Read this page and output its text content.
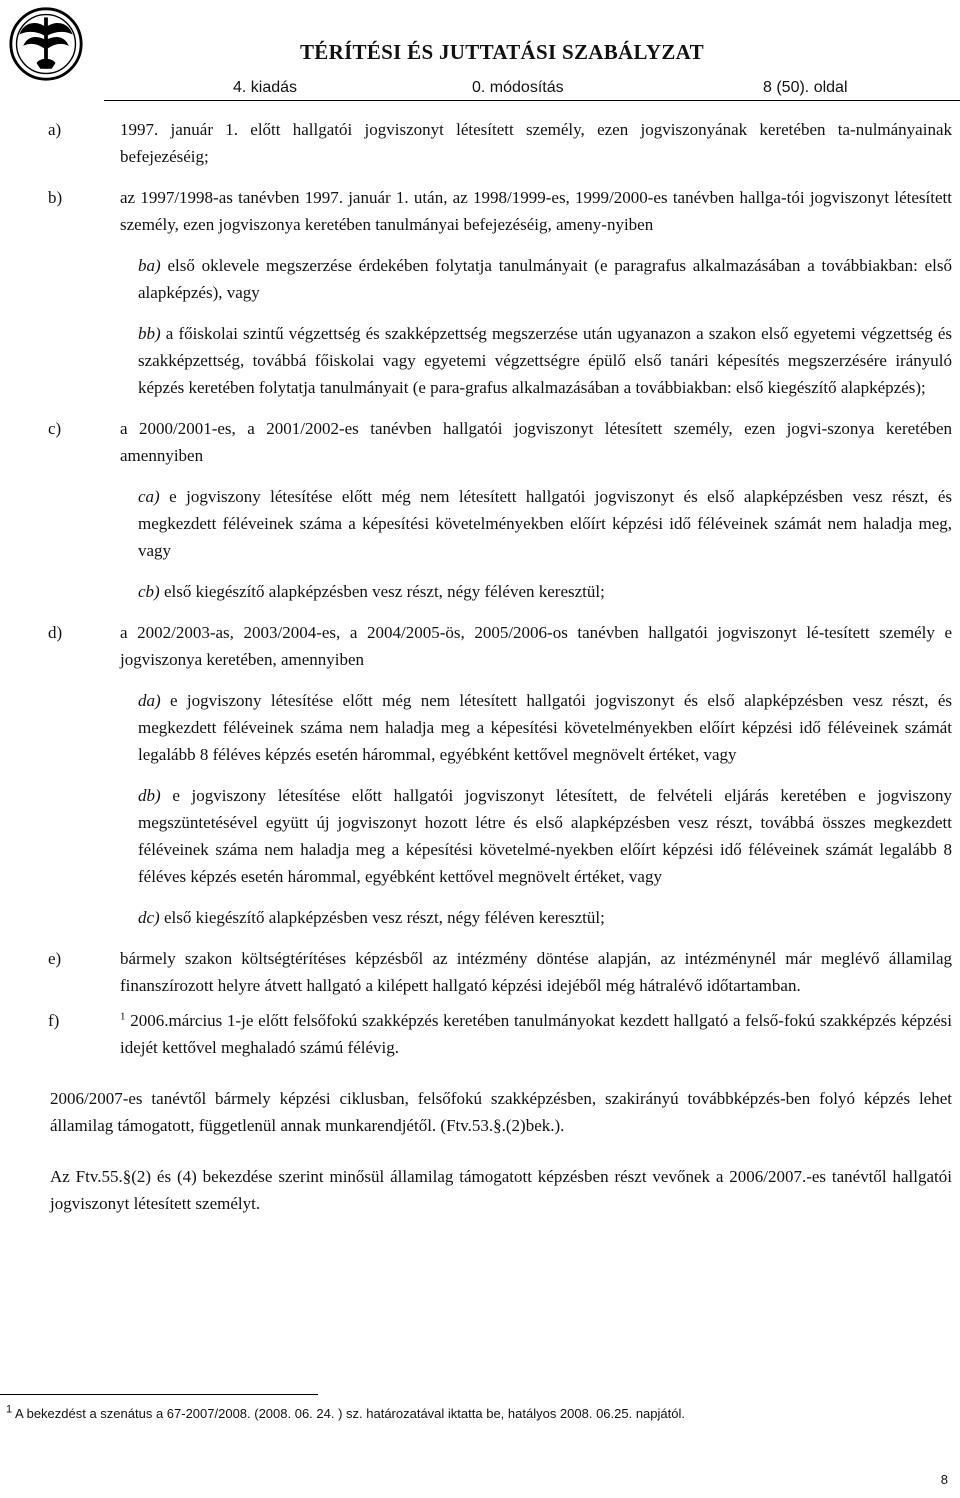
TÉRÍTÉSI ÉS JUTTATÁSI SZABÁLYZAT
4. kiadás	0. módosítás	8 (50). oldal
a)	1997. január 1. előtt hallgatói jogviszonyt létesített személy, ezen jogviszonyának keretében ta-nulmányainak befejezéséig;
b)	az 1997/1998-as tanévben 1997. január 1. után, az 1998/1999-es, 1999/2000-es tanévben hallga-tói jogviszonyt létesített személy, ezen jogviszonya keretében tanulmányai befejezéséig, ameny-nyiben
ba) első oklevele megszerzése érdekében folytatja tanulmányait (e paragrafus alkalmazásában a továbbiakban: első alapképzés), vagy
bb) a főiskolai szintű végzettség és szakképzettség megszerzése után ugyanazon a szakon első egyetemi végzettség és szakképzettség, továbbá főiskolai vagy egyetemi végzettségre épülő első tanári képesítés megszerzésére irányuló képzés keretében folytatja tanulmányait (e para-grafus alkalmazásában a továbbiakban: első kiegészítő alapképzés);
c)	a 2000/2001-es, a 2001/2002-es tanévben hallgatói jogviszonyt létesített személy, ezen jogvi-szonya keretében amennyiben
ca) e jogviszony létesítése előtt még nem létesített hallgatói jogviszonyt és első alapképzésben vesz részt, és megkezdett féléveinek száma a képesítési követelményekben előírt képzési idő féléveinek számát nem haladja meg, vagy
cb) első kiegészítő alapképzésben vesz részt, négy féléven keresztül;
d)	a 2002/2003-as, 2003/2004-es, a 2004/2005-ös, 2005/2006-os tanévben hallgatói jogviszonyt lé-tesített személy e jogviszonya keretében, amennyiben
da) e jogviszony létesítése előtt még nem létesített hallgatói jogviszonyt és első alapképzésben vesz részt, és megkezdett féléveinek száma nem haladja meg a képesítési követelményekben előírt képzési idő féléveinek számát legalább 8 féléves képzés esetén hárommal, egyébként kettővel megnövelt értéket, vagy
db) e jogviszony létesítése előtt hallgatói jogviszonyt létesített, de felvételi eljárás keretében e jogviszony megszüntetésével együtt új jogviszonyt hozott létre és első alapképzésben vesz részt, továbbá összes megkezdett féléveinek száma nem haladja meg a képesítési követelmé-nyekben előírt képzési idő féléveinek számát legalább 8 féléves képzés esetén hárommal, egyébként kettővel megnövelt értéket, vagy
dc) első kiegészítő alapképzésben vesz részt, négy féléven keresztül;
e)	bármely szakon költségtérítéses képzésből az intézmény döntése alapján, az intézménynél már meglévő államilag finanszírozott helyre átvett hallgató a kilépett hallgató képzési idejéből még hátralévő időtartamban.
f)	$^1$ 2006.március 1-je előtt felsőfokú szakképzés keretében tanulmányokat kezdett hallgató a felső-fokú szakképzés képzési idejét kettővel meghaladó számú félévig.
2006/2007-es tanévtől bármely képzési ciklusban, felsőfokú szakképzésben, szakirányú továbbképzés-ben folyó képzés lehet államilag támogatott, függetlenül annak munkarendjétől. (Ftv.53.§.(2)bek.).
Az Ftv.55.§(2) és (4) bekezdése szerint minősül államilag támogatott képzésben részt vevőnek a 2006/2007.-es tanévtől hallgatói jogviszonyt létesített személyt.
$^1$ A bekezdést a szenátus a 67-2007/2008. (2008. 06. 24. ) sz. határozatával iktatta be, hatályos 2008. 06.25. napjától.
8
